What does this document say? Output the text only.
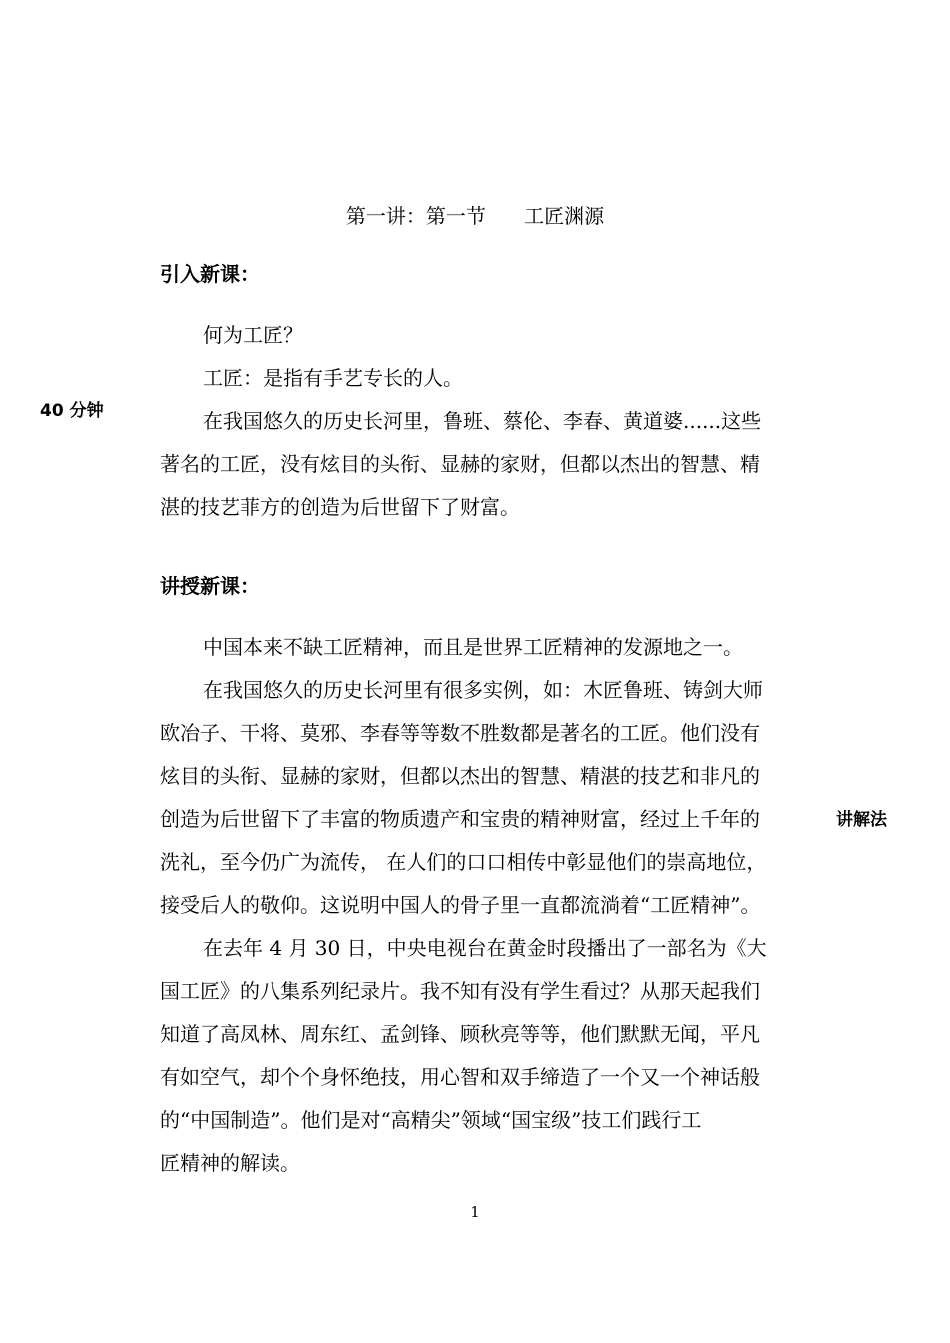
第一讲：第一节      工匠渊源
引入新课：
40 分钟
何为工匠？
工匠：是指有手艺专长的人。
在我国悠久的历史长河里，鲁班、蔡伦、李春、黄道婆......这些
著名的工匠，没有炫目的头衔、显赫的家财，但都以杰出的智慧、精
湛的技艺菲方的创造为后世留下了财富。
讲授新课：
中国本来不缺工匠精神，而且是世界工匠精神的发源地之一。
在我国悠久的历史长河里有很多实例，如：木匠鲁班、铸剑大师
欧冶子、干将、莫邪、李春等等数不胜数都是著名的工匠。他们没有
炫目的头衔、显赫的家财，但都以杰出的智慧、精湛的技艺和非凡的
创造为后世留下了丰富的物质遗产和宝贵的精神财富，经过上千年的
洗礼，至今仍广为流传， 在人们的口口相传中彰显他们的崇高地位，
接受后人的敬仰。这说明中国人的骨子里一直都流淌着“工匠精神”。
讲解法
在去年 4 月 30 日，中央电视台在黄金时段播出了一部名为《大
国工匠》的八集系列纪录片。我不知有没有学生看过？从那天起我们
知道了高凤林、周东红、孟剑锋、顾秋亮等等，他们默默无闻，平凡
有如空气，却个个身怀绝技，用心智和双手缔造了一个又一个神话般
的“中国制造”。他们是对“高精尖”领域“国宝级”技工们践行工
匠精神的解读。
1
